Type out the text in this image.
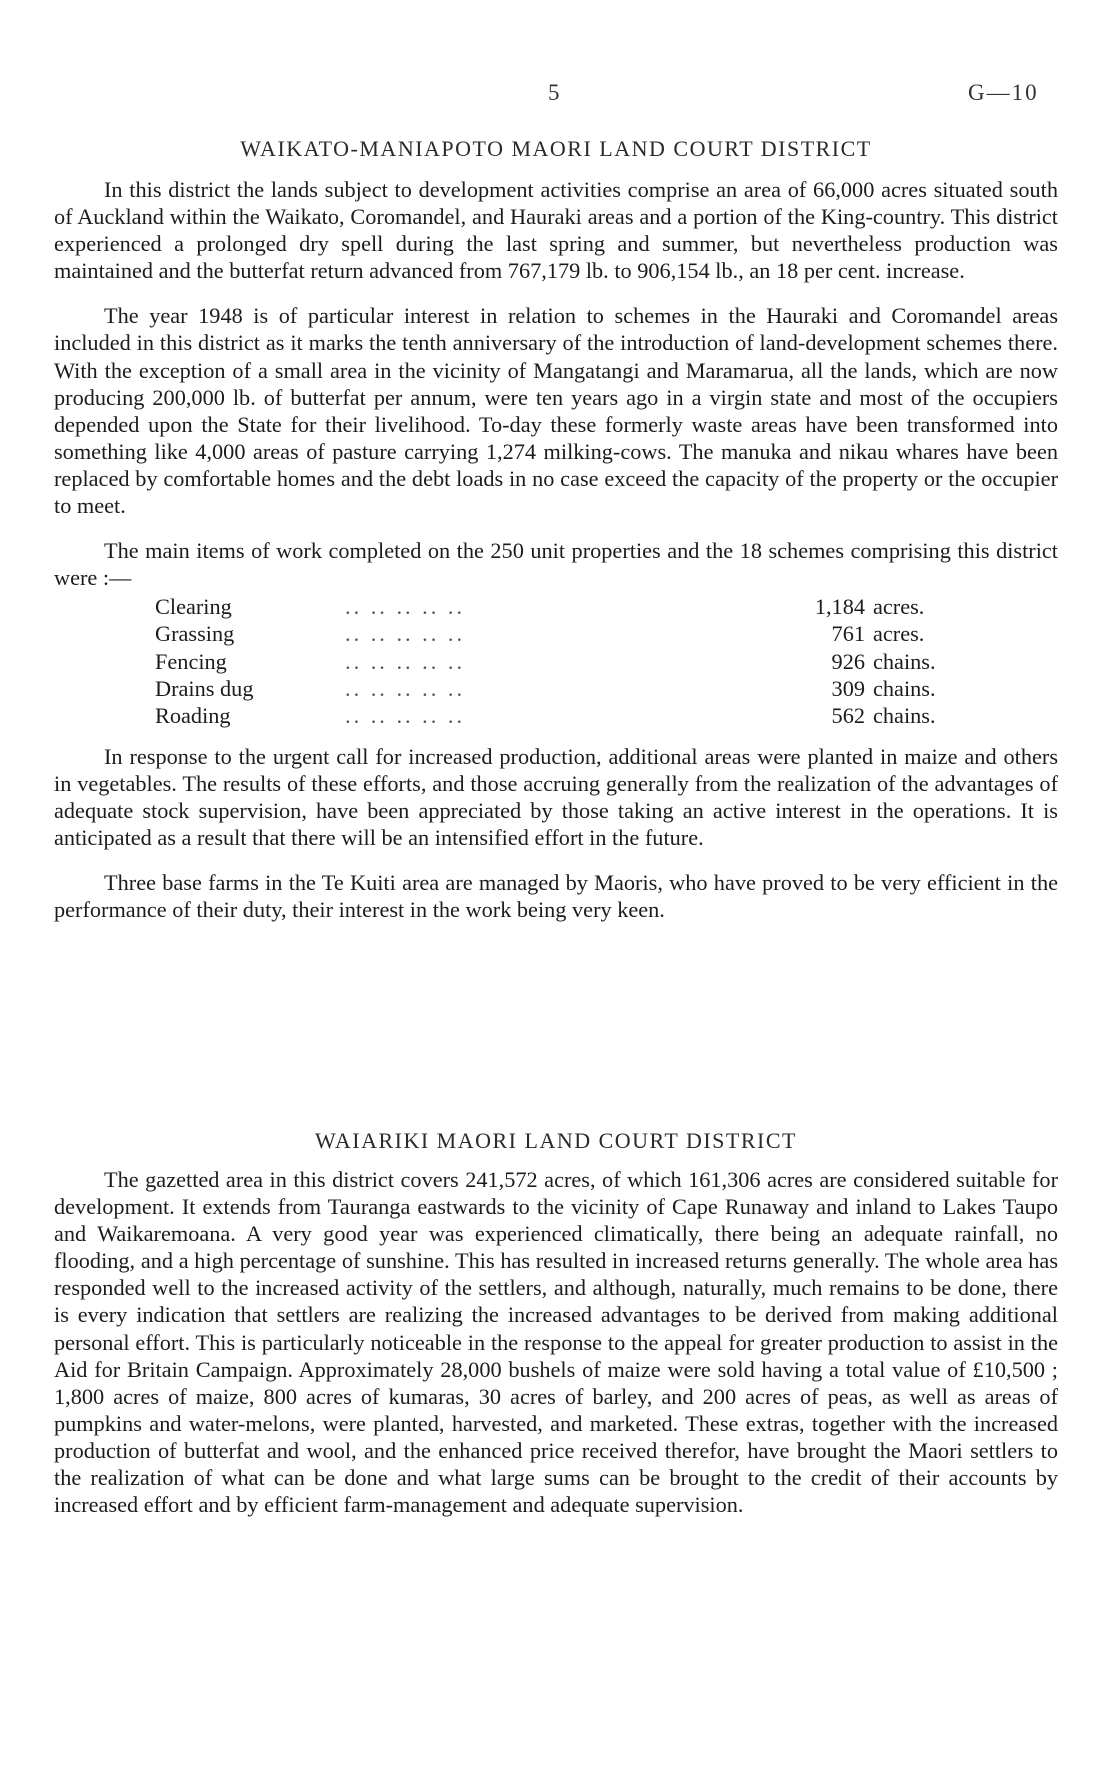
5	G—10
WAIKATO-MANIAPOTO MAORI LAND COURT DISTRICT

In this district the lands subject to development activities comprise an area of 66,000 acres situated south of Auckland within the Waikato, Coromandel, and Hauraki areas and a portion of the King-country. This district experienced a prolonged dry spell during the last spring and summer, but nevertheless production was maintained and the butterfat return advanced from 767,179 lb. to 906,154 lb., an 18 per cent. increase.

The year 1948 is of particular interest in relation to schemes in the Hauraki and Coromandel areas included in this district as it marks the tenth anniversary of the introduction of land-development schemes there. With the exception of a small area in the vicinity of Mangatangi and Maramarua, all the lands, which are now producing 200,000 lb. of butterfat per annum, were ten years ago in a virgin state and most of the occupiers depended upon the State for their livelihood. To-day these formerly waste areas have been transformed into something like 4,000 areas of pasture carrying 1,274 milking-cows. The manuka and nikau whares have been replaced by comfortable homes and the debt loads in no case exceed the capacity of the property or the occupier to meet.

The main items of work completed on the 250 unit properties and the 18 schemes comprising this district were :—

Clearing	.. .. .. .. ..	1,184	acres.
Grassing	.. .. .. .. ..	761	acres.
Fencing	.. .. .. .. ..	926	chains.
Drains dug	.. .. .. .. ..	309	chains.
Roading	.. .. .. .. ..	562	chains.

In response to the urgent call for increased production, additional areas were planted in maize and others in vegetables. The results of these efforts, and those accruing generally from the realization of the advantages of adequate stock supervision, have been appreciated by those taking an active interest in the operations. It is anticipated as a result that there will be an intensified effort in the future.

Three base farms in the Te Kuiti area are managed by Maoris, who have proved to be very efficient in the performance of their duty, their interest in the work being very keen.

WAIARIKI MAORI LAND COURT DISTRICT

The gazetted area in this district covers 241,572 acres, of which 161,306 acres are considered suitable for development. It extends from Tauranga eastwards to the vicinity of Cape Runaway and inland to Lakes Taupo and Waikaremoana. A very good year was experienced climatically, there being an adequate rainfall, no flooding, and a high percentage of sunshine. This has resulted in increased returns generally. The whole area has responded well to the increased activity of the settlers, and although, naturally, much remains to be done, there is every indication that settlers are realizing the increased advantages to be derived from making additional personal effort. This is particularly noticeable in the response to the appeal for greater production to assist in the Aid for Britain Campaign. Approximately 28,000 bushels of maize were sold having a total value of £10,500 ; 1,800 acres of maize, 800 acres of kumaras, 30 acres of barley, and 200 acres of peas, as well as areas of pumpkins and water-melons, were planted, harvested, and marketed. These extras, together with the increased production of butterfat and wool, and the enhanced price received therefor, have brought the Maori settlers to the realization of what can be done and what large sums can be brought to the credit of their accounts by increased effort and by efficient farm-management and adequate supervision.
